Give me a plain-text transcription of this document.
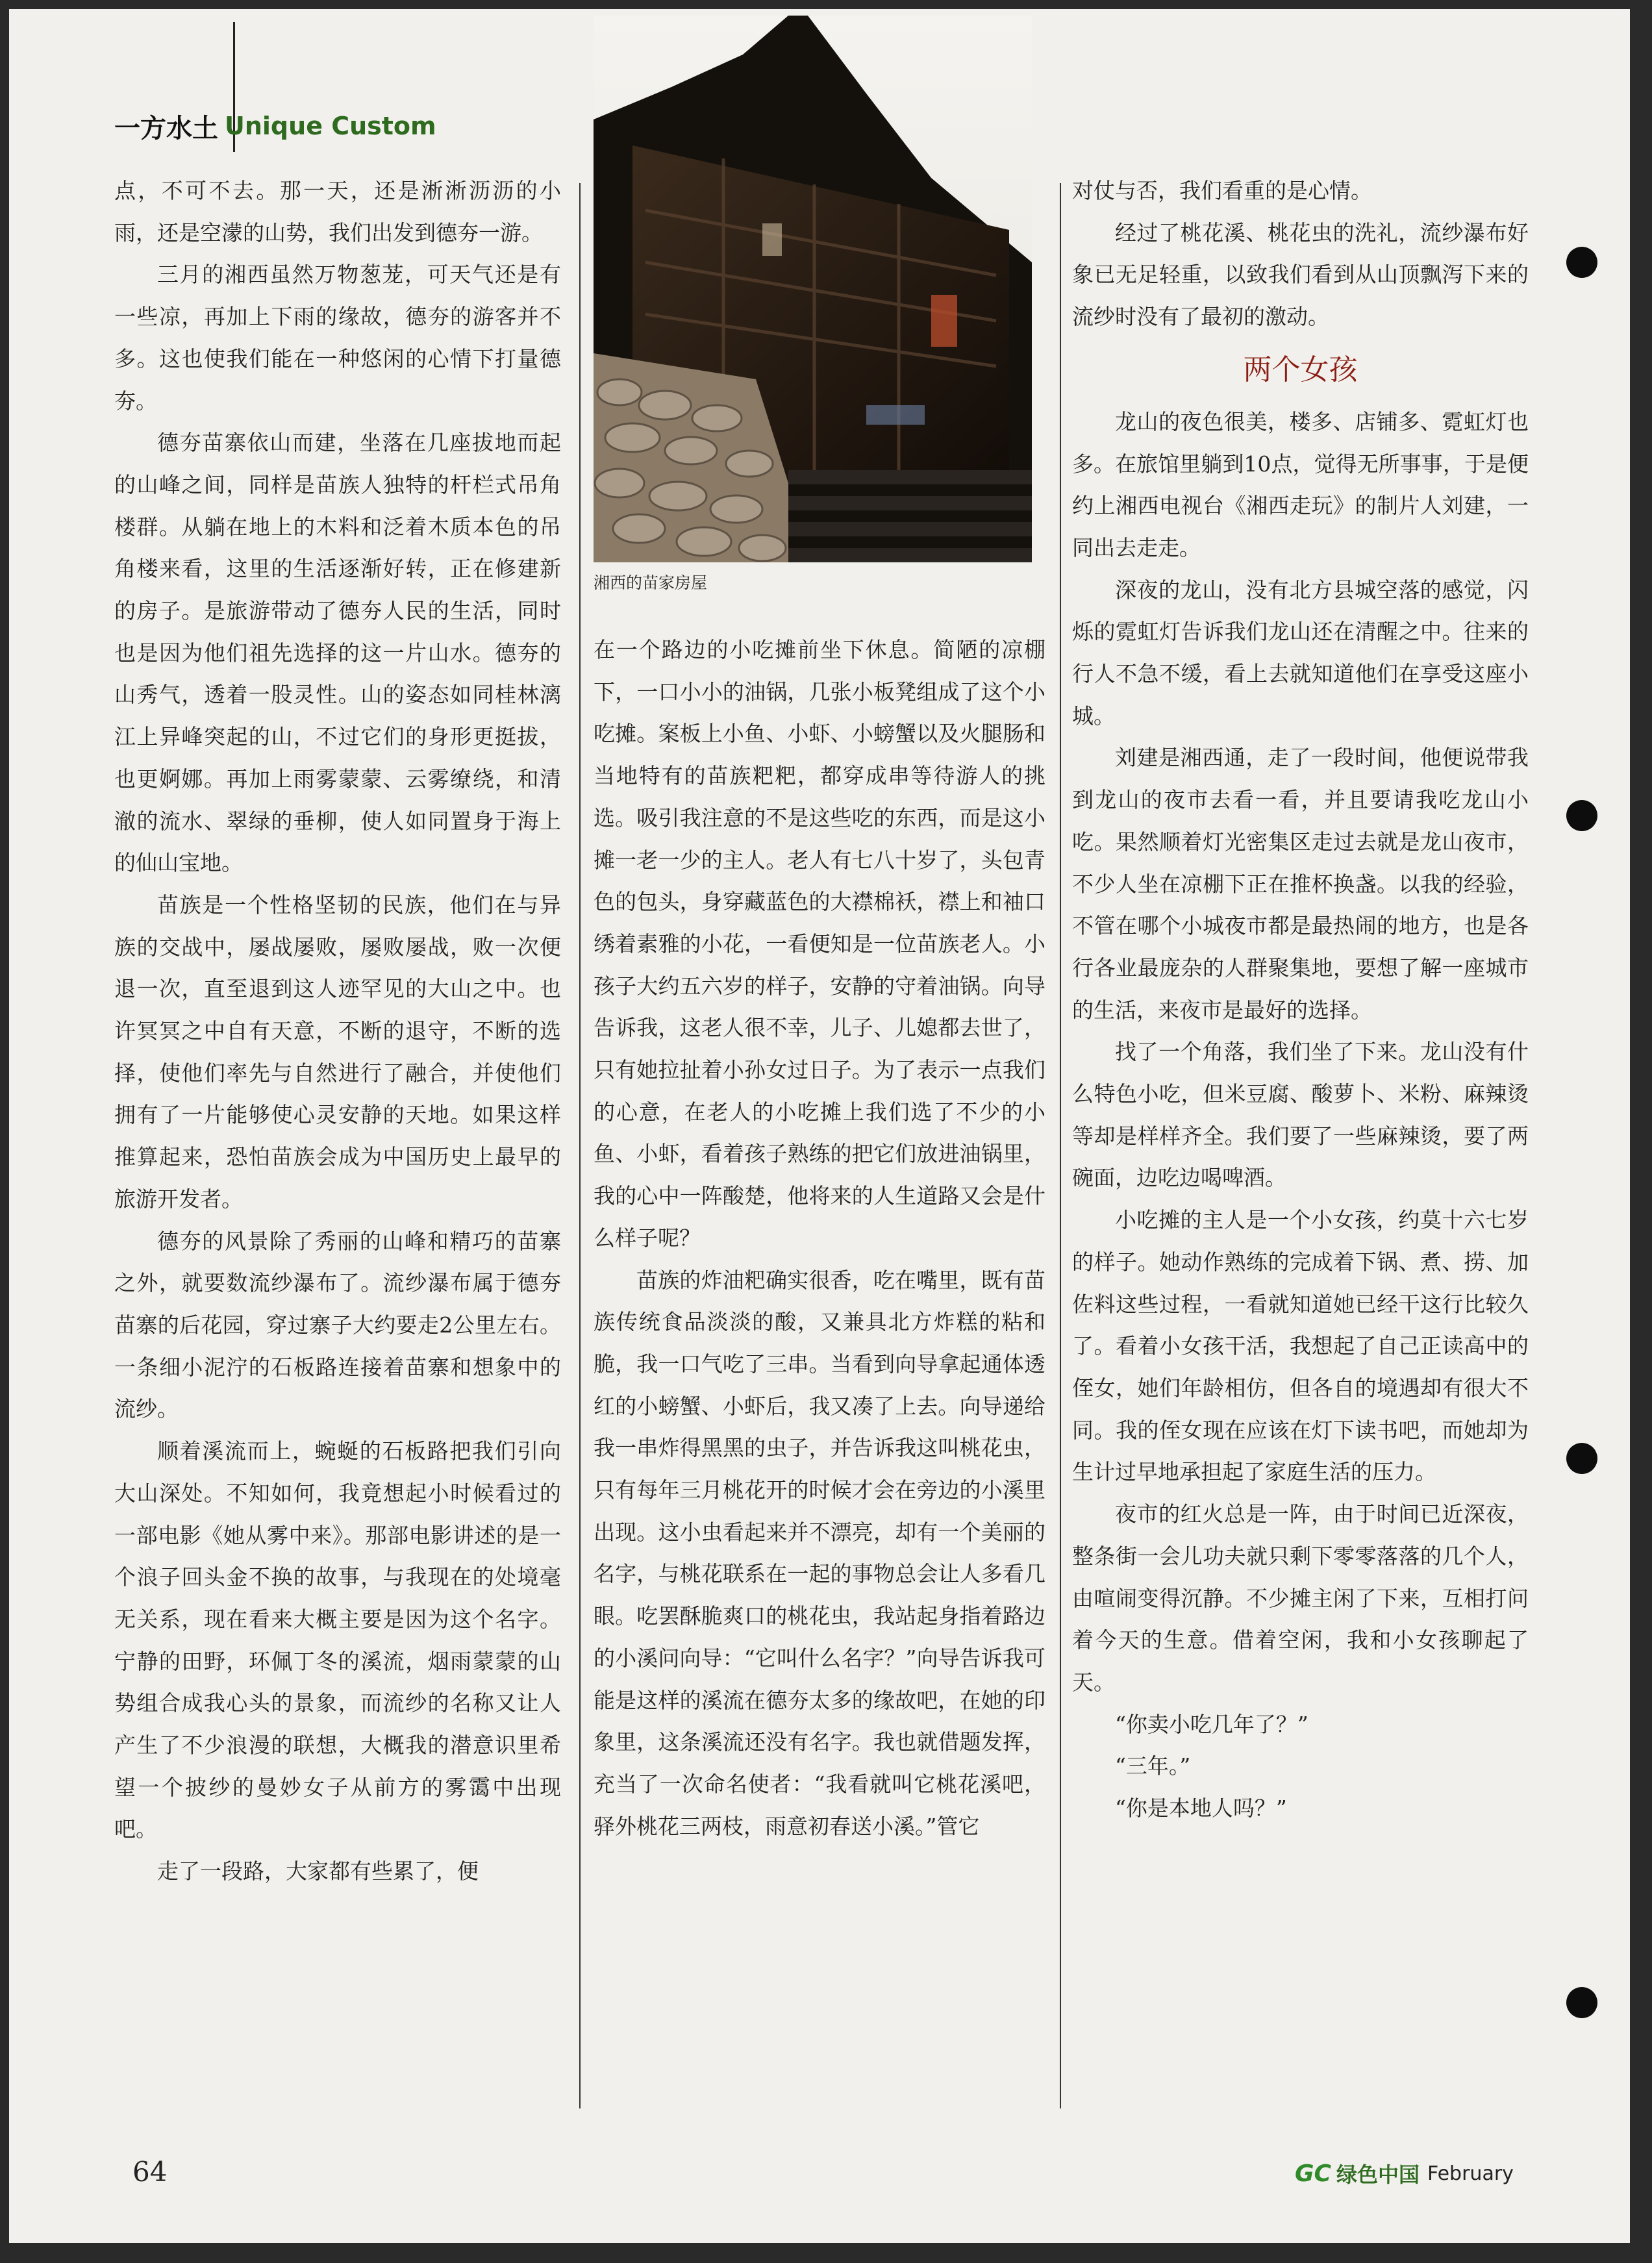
一方水土 Unique Custom

点，不可不去。那一天，还是淅淅沥沥的小雨，还是空濛的山势，我们出发到德夯一游。

三月的湘西虽然万物葱茏，可天气还是有一些凉，再加上下雨的缘故，德夯的游客并不多。这也使我们能在一种悠闲的心情下打量德夯。

德夯苗寨依山而建，坐落在几座拔地而起的山峰之间，同样是苗族人独特的杆栏式吊角楼群。从躺在地上的木料和泛着木质本色的吊角楼来看，这里的生活逐渐好转，正在修建新的房子。是旅游带动了德夯人民的生活，同时也是因为他们祖先选择的这一片山水。德夯的山秀气，透着一股灵性。山的姿态如同桂林漓江上异峰突起的山，不过它们的身形更挺拔，也更婀娜。再加上雨雾蒙蒙、云雾缭绕，和清澈的流水、翠绿的垂柳，使人如同置身于海上的仙山宝地。

苗族是一个性格坚韧的民族，他们在与异族的交战中，屡战屡败，屡败屡战，败一次便退一次，直至退到这人迹罕见的大山之中。也许冥冥之中自有天意，不断的退守，不断的选择，使他们率先与自然进行了融合，并使他们拥有了一片能够使心灵安静的天地。如果这样推算起来，恐怕苗族会成为中国历史上最早的旅游开发者。

德夯的风景除了秀丽的山峰和精巧的苗寨之外，就要数流纱瀑布了。流纱瀑布属于德夯苗寨的后花园，穿过寨子大约要走2公里左右。一条细小泥泞的石板路连接着苗寨和想象中的流纱。

顺着溪流而上，蜿蜒的石板路把我们引向大山深处。不知如何，我竟想起小时候看过的一部电影《她从雾中来》。那部电影讲述的是一个浪子回头金不换的故事，与我现在的处境毫无关系，现在看来大概主要是因为这个名字。宁静的田野，环佩丁冬的溪流，烟雨蒙蒙的山势组合成我心头的景象，而流纱的名称又让人产生了不少浪漫的联想，大概我的潜意识里希望一个披纱的曼妙女子从前方的雾霭中出现吧。

走了一段路，大家都有些累了，便

湘西的苗家房屋

在一个路边的小吃摊前坐下休息。简陋的凉棚下，一口小小的油锅，几张小板凳组成了这个小吃摊。案板上小鱼、小虾、小螃蟹以及火腿肠和当地特有的苗族粑粑，都穿成串等待游人的挑选。吸引我注意的不是这些吃的东西，而是这小摊一老一少的主人。老人有七八十岁了，头包青色的包头，身穿藏蓝色的大襟棉袄，襟上和袖口绣着素雅的小花，一看便知是一位苗族老人。小孩子大约五六岁的样子，安静的守着油锅。向导告诉我，这老人很不幸，儿子、儿媳都去世了，只有她拉扯着小孙女过日子。为了表示一点我们的心意，在老人的小吃摊上我们选了不少的小鱼、小虾，看着孩子熟练的把它们放进油锅里，我的心中一阵酸楚，他将来的人生道路又会是什么样子呢？

苗族的炸油粑确实很香，吃在嘴里，既有苗族传统食品淡淡的酸，又兼具北方炸糕的粘和脆，我一口气吃了三串。当看到向导拿起通体透红的小螃蟹、小虾后，我又凑了上去。向导递给我一串炸得黑黑的虫子，并告诉我这叫桃花虫，只有每年三月桃花开的时候才会在旁边的小溪里出现。这小虫看起来并不漂亮，却有一个美丽的名字，与桃花联系在一起的事物总会让人多看几眼。吃罢酥脆爽口的桃花虫，我站起身指着路边的小溪问向导：“它叫什么名字？”向导告诉我可能是这样的溪流在德夯太多的缘故吧，在她的印象里，这条溪流还没有名字。我也就借题发挥，充当了一次命名使者：“我看就叫它桃花溪吧，驿外桃花三两枝，雨意初春送小溪。”管它

对仗与否，我们看重的是心情。

经过了桃花溪、桃花虫的洗礼，流纱瀑布好象已无足轻重，以致我们看到从山顶飘泻下来的流纱时没有了最初的激动。

两个女孩

龙山的夜色很美，楼多、店铺多、霓虹灯也多。在旅馆里躺到10点，觉得无所事事，于是便约上湘西电视台《湘西走玩》的制片人刘建，一同出去走走。

深夜的龙山，没有北方县城空落的感觉，闪烁的霓虹灯告诉我们龙山还在清醒之中。往来的行人不急不缓，看上去就知道他们在享受这座小城。

刘建是湘西通，走了一段时间，他便说带我到龙山的夜市去看一看，并且要请我吃龙山小吃。果然顺着灯光密集区走过去就是龙山夜市，不少人坐在凉棚下正在推杯换盏。以我的经验，不管在哪个小城夜市都是最热闹的地方，也是各行各业最庞杂的人群聚集地，要想了解一座城市的生活，来夜市是最好的选择。

找了一个角落，我们坐了下来。龙山没有什么特色小吃，但米豆腐、酸萝卜、米粉、麻辣烫等却是样样齐全。我们要了一些麻辣烫，要了两碗面，边吃边喝啤酒。

小吃摊的主人是一个小女孩，约莫十六七岁的样子。她动作熟练的完成着下锅、煮、捞、加佐料这些过程，一看就知道她已经干这行比较久了。看着小女孩干活，我想起了自己正读高中的侄女，她们年龄相仿，但各自的境遇却有很大不同。我的侄女现在应该在灯下读书吧，而她却为生计过早地承担起了家庭生活的压力。

夜市的红火总是一阵，由于时间已近深夜，整条街一会儿功夫就只剩下零零落落的几个人，由喧闹变得沉静。不少摊主闲了下来，互相打问着今天的生意。借着空闲，我和小女孩聊起了天。

“你卖小吃几年了？”

“三年。”

“你是本地人吗？”

64	GC 绿色中国 February
